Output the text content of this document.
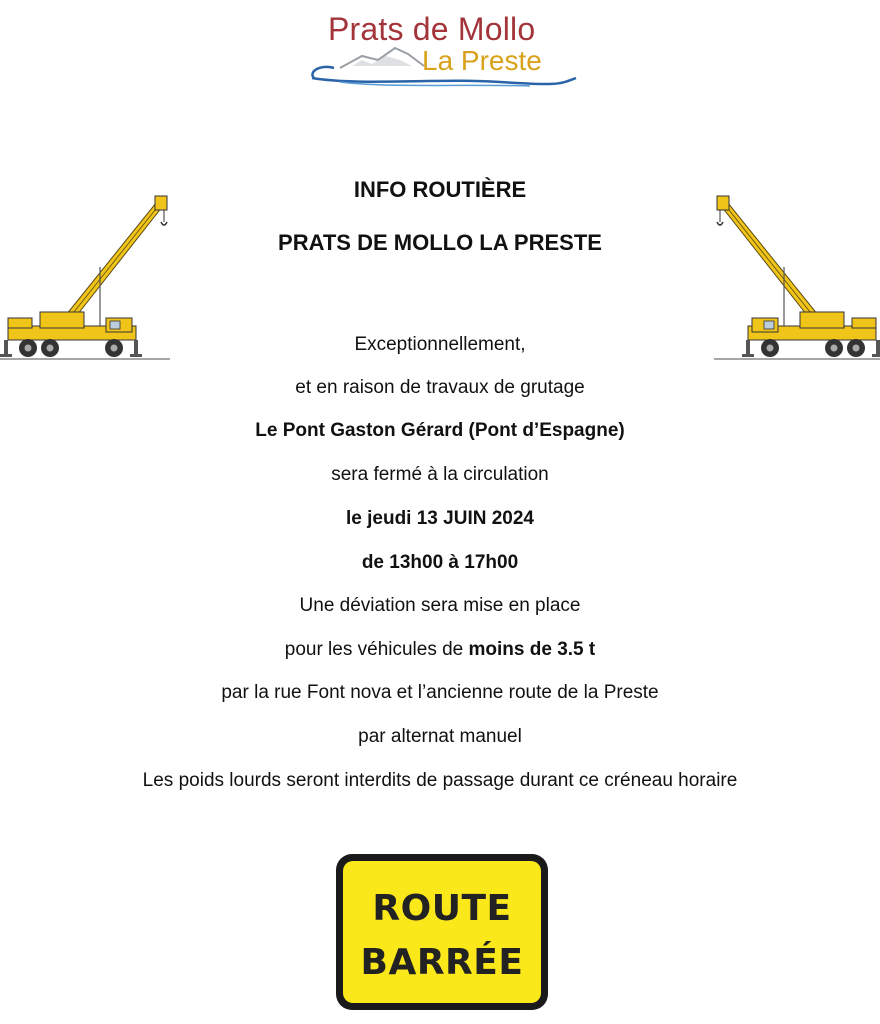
Prats de Mollo
La Preste
INFO ROUTIÈRE
PRATS DE MOLLO LA PRESTE
Exceptionnellement,
et en raison de travaux de grutage
Le Pont Gaston Gérard (Pont d’Espagne)
sera fermé à la circulation
le jeudi 13 JUIN 2024
de 13h00 à 17h00
Une déviation sera mise en place
pour les véhicules de moins de 3.5 t
par la rue Font nova et l’ancienne route de la Preste
par alternat manuel
Les poids lourds seront interdits de passage durant ce créneau horaire
ROUTE
BARRÉE
